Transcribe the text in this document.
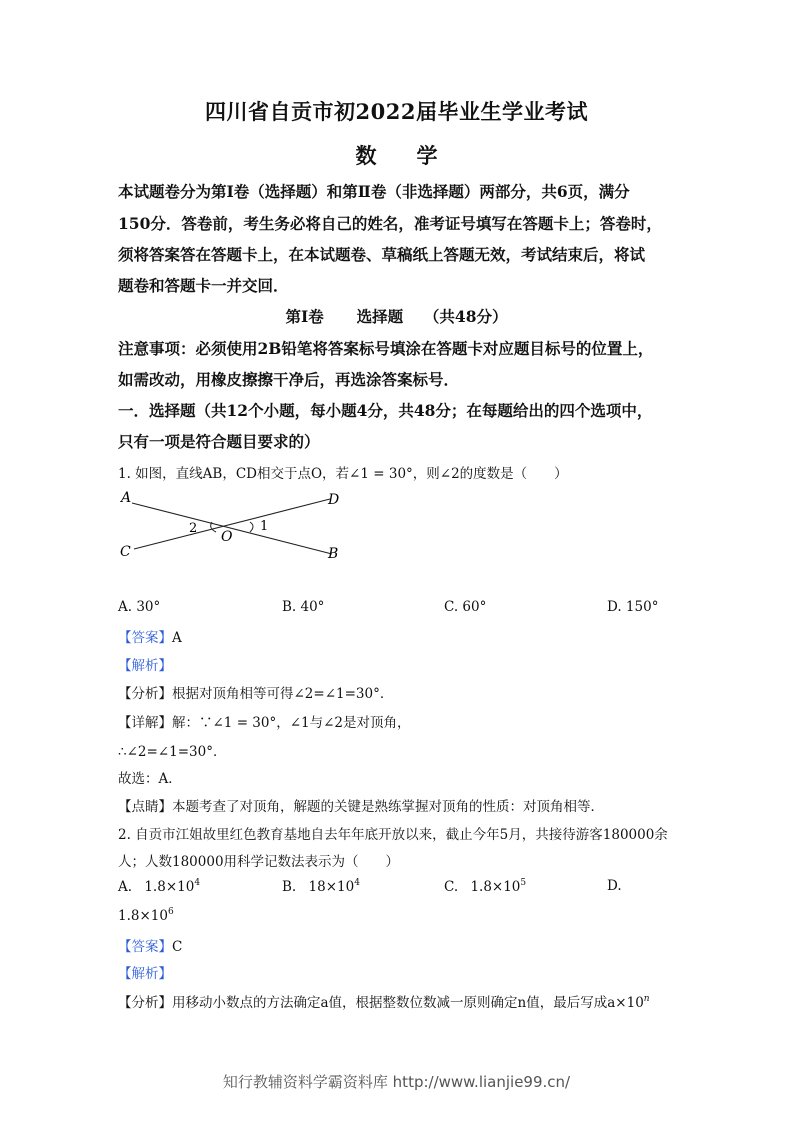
四川省自贡市初2022届毕业生学业考试
数 学
本试题卷分为第Ⅰ卷（选择题）和第Ⅱ卷（非选择题）两部分，共6页，满分
150分．答卷前，考生务必将自己的姓名，准考证号填写在答题卡上；答卷时，
须将答案答在答题卡上，在本试题卷、草稿纸上答题无效，考试结束后，将试
题卷和答题卡一并交回．
第Ⅰ卷 选择题 （共48分）
注意事项：必须使用2B铅笔将答案标号填涂在答题卡对应题目标号的位置上，
如需改动，用橡皮擦擦干净后，再选涂答案标号．
一．选择题（共12个小题，每小题4分，共48分；在每题给出的四个选项中，
只有一项是符合题目要求的）
1. 如图，直线AB，CD相交于点O，若∠1 = 30°，则∠2的度数是（　　）
A	D
C	B
O
2	1
A. 30°	B. 40°	C. 60°	D. 150°
【答案】A
【解析】
【分析】根据对顶角相等可得∠2=∠1=30°．
【详解】解：∵∠1 = 30°，∠1与∠2是对顶角，
∴∠2=∠1=30°．
故选：A．
【点睛】本题考查了对顶角，解题的关键是熟练掌握对顶角的性质：对顶角相等．
2. 自贡市江姐故里红色教育基地自去年年底开放以来，截止今年5月，共接待游客180000余
人；人数180000用科学记数法表示为（　　）
A. $1.8\times 10^4$	B. $18\times 10^4$	C. $1.8\times 10^5$	D.
$1.8\times 10^6$
【答案】C
【解析】
【分析】用移动小数点的方法确定a值，根据整数位数减一原则确定n值，最后写成$a\times 10^n$
知行教辅资料学霸资料库 http://www.lianjie99.cn/
